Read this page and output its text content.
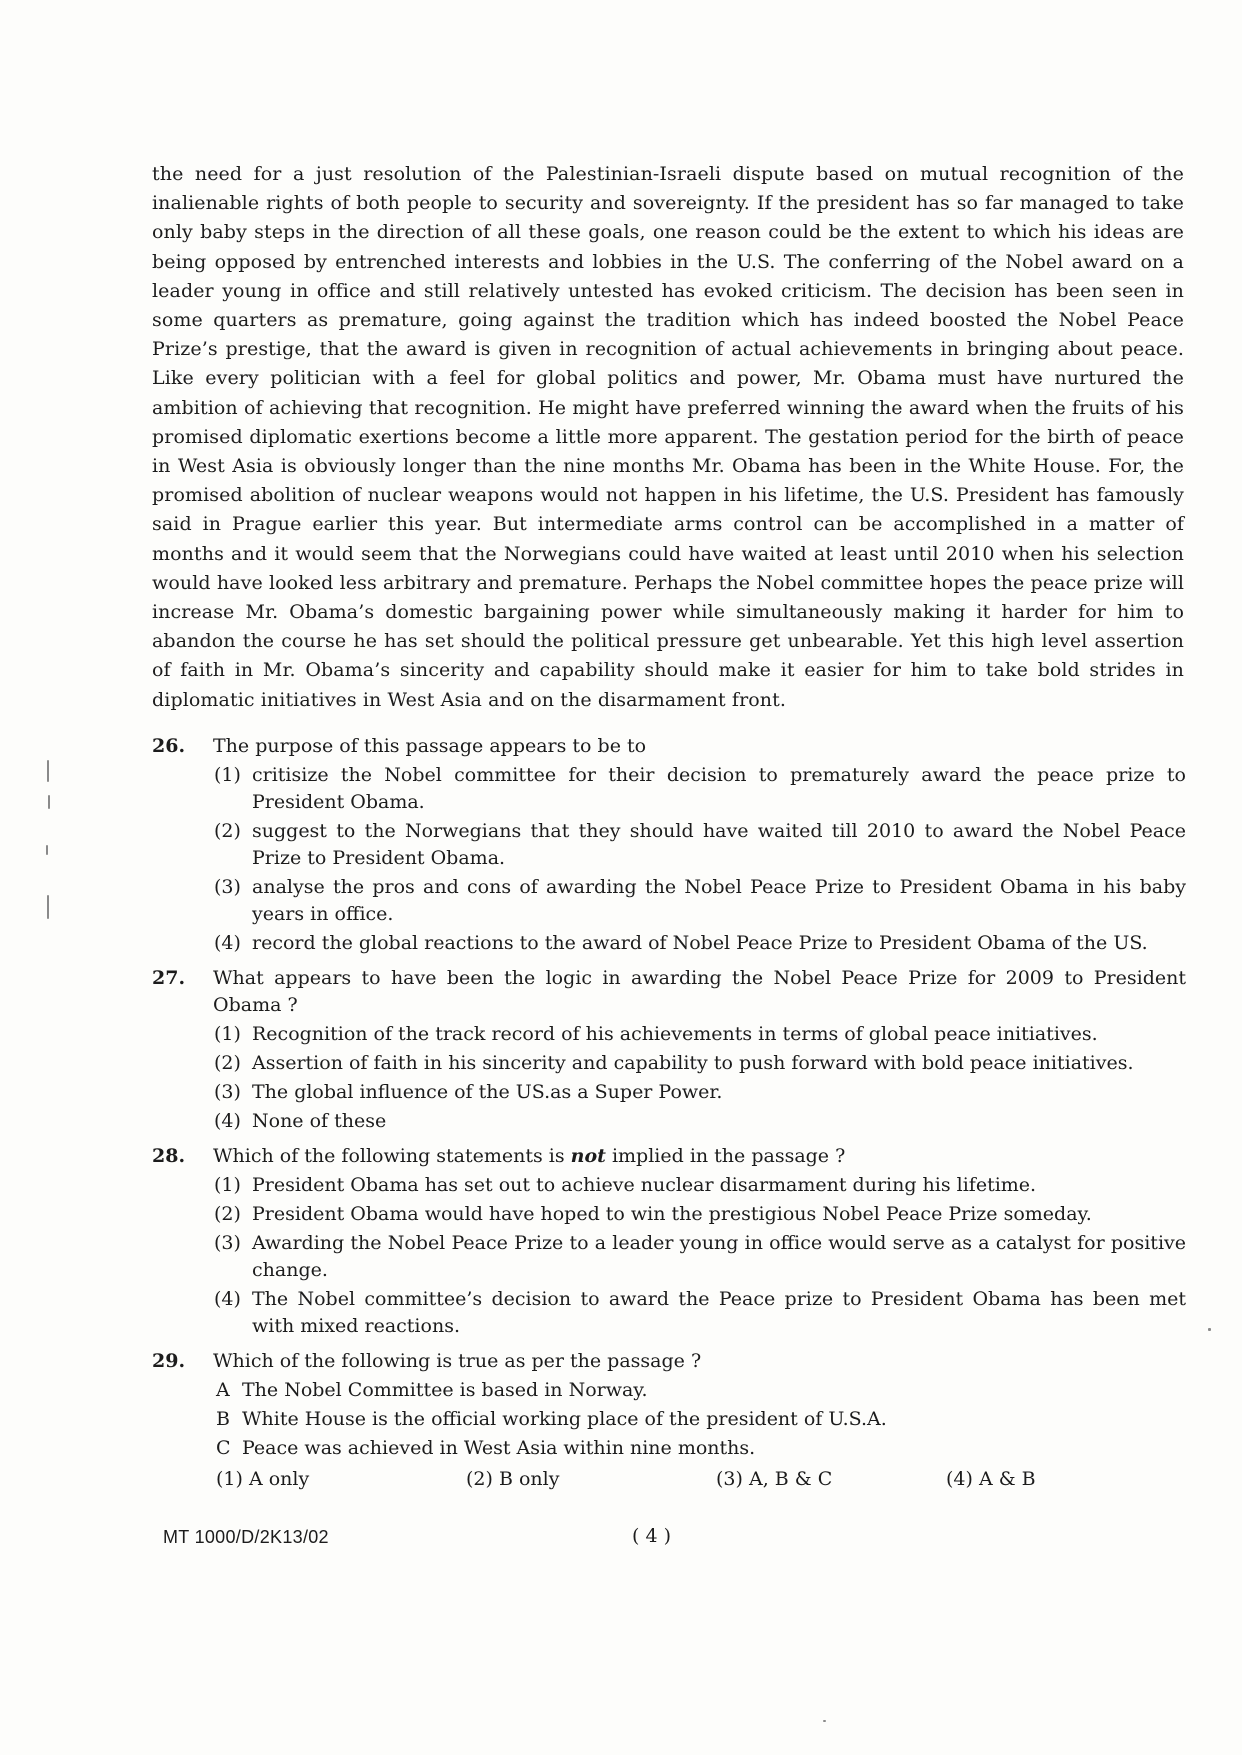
the need for a just resolution of the Palestinian-Israeli dispute based on mutual recognition of the inalienable rights of both people to security and sovereignty. If the president has so far managed to take only baby steps in the direction of all these goals, one reason could be the extent to which his ideas are being opposed by entrenched interests and lobbies in the U.S. The conferring of the Nobel award on a leader young in office and still relatively untested has evoked criticism. The decision has been seen in some quarters as premature, going against the tradition which has indeed boosted the Nobel Peace Prize’s prestige, that the award is given in recognition of actual achievements in bringing about peace. Like every politician with a feel for global politics and power, Mr. Obama must have nurtured the ambition of achieving that recognition. He might have preferred winning the award when the fruits of his promised diplomatic exertions become a little more apparent. The gestation period for the birth of peace in West Asia is obviously longer than the nine months Mr. Obama has been in the White House. For, the promised abolition of nuclear weapons would not happen in his lifetime, the U.S. President has famously said in Prague earlier this year. But intermediate arms control can be accomplished in a matter of months and it would seem that the Norwegians could have waited at least until 2010 when his selection would have looked less arbitrary and premature. Perhaps the Nobel committee hopes the peace prize will increase Mr. Obama’s domestic bargaining power while simultaneously making it harder for him to abandon the course he has set should the political pressure get unbearable. Yet this high level assertion of faith in Mr. Obama’s sincerity and capability should make it easier for him to take bold strides in diplomatic initiatives in West Asia and on the disarmament front.
26. The purpose of this passage appears to be to
(1) critisize the Nobel committee for their decision to prematurely award the peace prize to President Obama.
(2) suggest to the Norwegians that they should have waited till 2010 to award the Nobel Peace Prize to President Obama.
(3) analyse the pros and cons of awarding the Nobel Peace Prize to President Obama in his baby years in office.
(4) record the global reactions to the award of Nobel Peace Prize to President Obama of the US.
27. What appears to have been the logic in awarding the Nobel Peace Prize for 2009 to President Obama ?
(1) Recognition of the track record of his achievements in terms of global peace initiatives.
(2) Assertion of faith in his sincerity and capability to push forward with bold peace initiatives.
(3) The global influence of the US.as a Super Power.
(4) None of these
28. Which of the following statements is not implied in the passage ?
(1) President Obama has set out to achieve nuclear disarmament during his lifetime.
(2) President Obama would have hoped to win the prestigious Nobel Peace Prize someday.
(3) Awarding the Nobel Peace Prize to a leader young in office would serve as a catalyst for positive change.
(4) The Nobel committee’s decision to award the Peace prize to President Obama has been met with mixed reactions.
29. Which of the following is true as per the passage ?
A The Nobel Committee is based in Norway.
B White House is the official working place of the president of U.S.A.
C Peace was achieved in West Asia within nine months.
(1) A only	(2) B only	(3) A, B & C	(4) A & B
MT 1000/D/2K13/02	( 4 )
